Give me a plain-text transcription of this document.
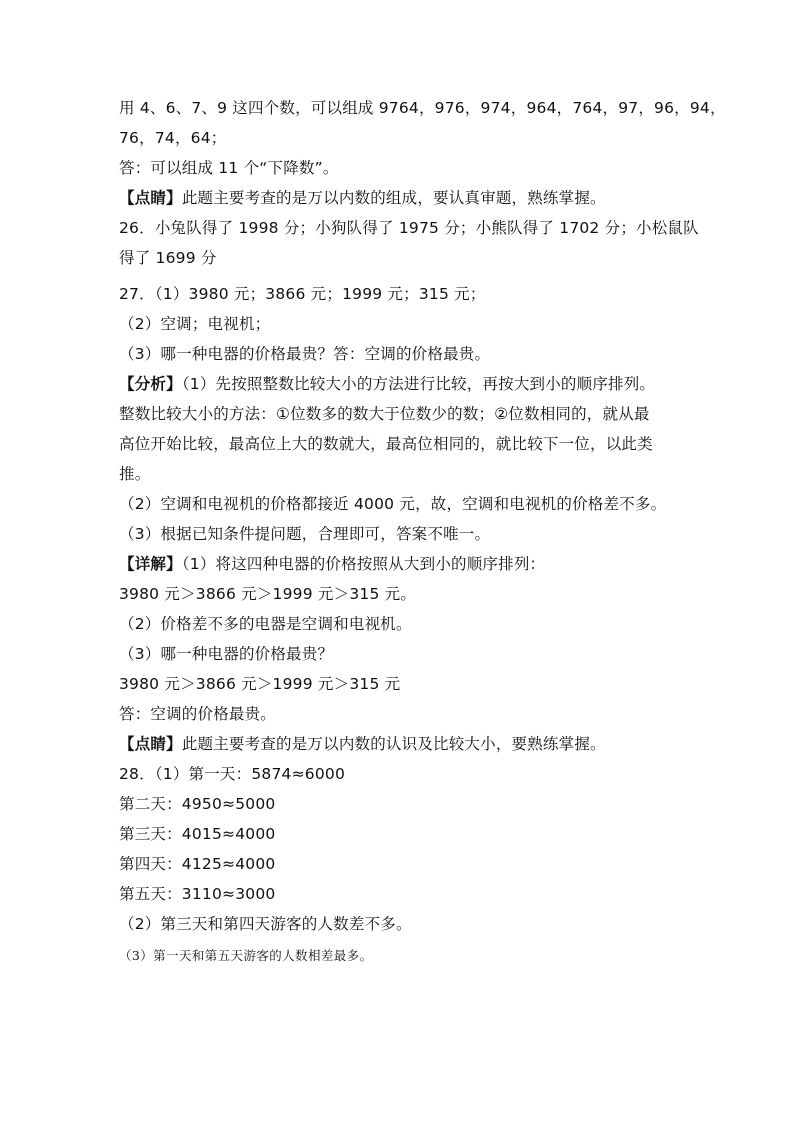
用 4、6、7、9 这四个数，可以组成 9764，976，974，964，764，97，96，94，
76，74，64；
答：可以组成 11 个“下降数”。
【点睛】此题主要考查的是万以内数的组成，要认真审题，熟练掌握。
26．小兔队得了 1998 分；小狗队得了 1975 分；小熊队得了 1702 分；小松鼠队
得了 1699 分
27．（1）3980 元；3866 元；1999 元；315 元；
（2）空调；电视机；
（3）哪一种电器的价格最贵？答：空调的价格最贵。
【分析】（1）先按照整数比较大小的方法进行比较，再按大到小的顺序排列。
整数比较大小的方法：①位数多的数大于位数少的数；②位数相同的，就从最
高位开始比较，最高位上大的数就大，最高位相同的，就比较下一位，以此类
推。
（2）空调和电视机的价格都接近 4000 元，故，空调和电视机的价格差不多。
（3）根据已知条件提问题，合理即可，答案不唯一。
【详解】（1）将这四种电器的价格按照从大到小的顺序排列：
3980 元＞3866 元＞1999 元＞315 元。
（2）价格差不多的电器是空调和电视机。
（3）哪一种电器的价格最贵？
3980 元＞3866 元＞1999 元＞315 元
答：空调的价格最贵。
【点睛】此题主要考查的是万以内数的认识及比较大小，要熟练掌握。
28．（1）第一天：5874≈6000
第二天：4950≈5000
第三天：4015≈4000
第四天：4125≈4000
第五天：3110≈3000
（2）第三天和第四天游客的人数差不多。
（3）第一天和第五天游客的人数相差最多。
